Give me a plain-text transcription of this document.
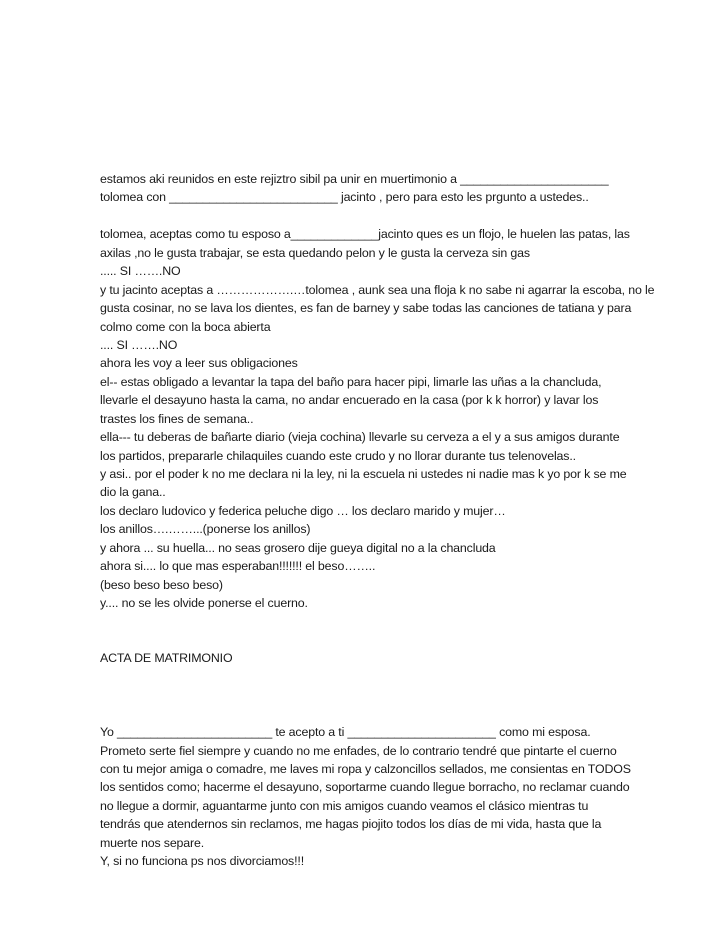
estamos aki reunidos en este rejiztro sibil pa unir en muertimonio a ______________________
tolomea con _________________________ jacinto , pero para esto les prgunto a ustedes..
tolomea, aceptas como tu esposo a_____________jacinto ques es un flojo, le huelen las patas, las
axilas ,no le gusta trabajar, se esta quedando pelon y le gusta la cerveza sin gas
..... SI …….NO
y tu jacinto aceptas a ……………….…tolomea , aunk sea una floja k no sabe ni agarrar la escoba, no le
gusta cosinar, no se lava los dientes, es fan de barney y sabe todas las canciones de tatiana y para
colmo come con la boca abierta
.... SI …….NO
ahora les voy a leer sus obligaciones
el-- estas obligado a levantar la tapa del baño para hacer pipi, limarle las uñas a la chancluda,
llevarle el desayuno hasta la cama, no andar encuerado en la casa (por k k horror) y lavar los
trastes los fines de semana..
ella--- tu deberas de bañarte diario (vieja cochina) llevarle su cerveza a el y a sus amigos durante
los partidos, prepararle chilaquiles cuando este crudo y no llorar durante tus telenovelas..
y asi.. por el poder k no me declara ni la ley, ni la escuela ni ustedes ni nadie mas k yo por k se me
dio la gana..
los declaro ludovico y federica peluche digo … los declaro marido y mujer…
los anillos….……...(ponerse los anillos)
y ahora ... su huella... no seas grosero dije gueya digital no a la chancluda
ahora si.... lo que mas esperaban!!!!!!! el beso……..
(beso beso beso beso)
y.... no se les olvide ponerse el cuerno.
ACTA DE MATRIMONIO
Yo _______________________ te acepto a ti ______________________ como mi esposa.
Prometo serte fiel siempre y cuando no me enfades, de lo contrario tendré que pintarte el cuerno
con tu mejor amiga o comadre, me laves mi ropa y calzoncillos sellados, me consientas en TODOS
los sentidos como; hacerme el desayuno, soportarme cuando llegue borracho, no reclamar cuando
no llegue a dormir, aguantarme junto con mis amigos cuando veamos el clásico mientras tu
tendrás que atendernos sin reclamos, me hagas piojito todos los días de mi vida, hasta que la
muerte nos separe.
Y, si no funciona ps nos divorciamos!!!
